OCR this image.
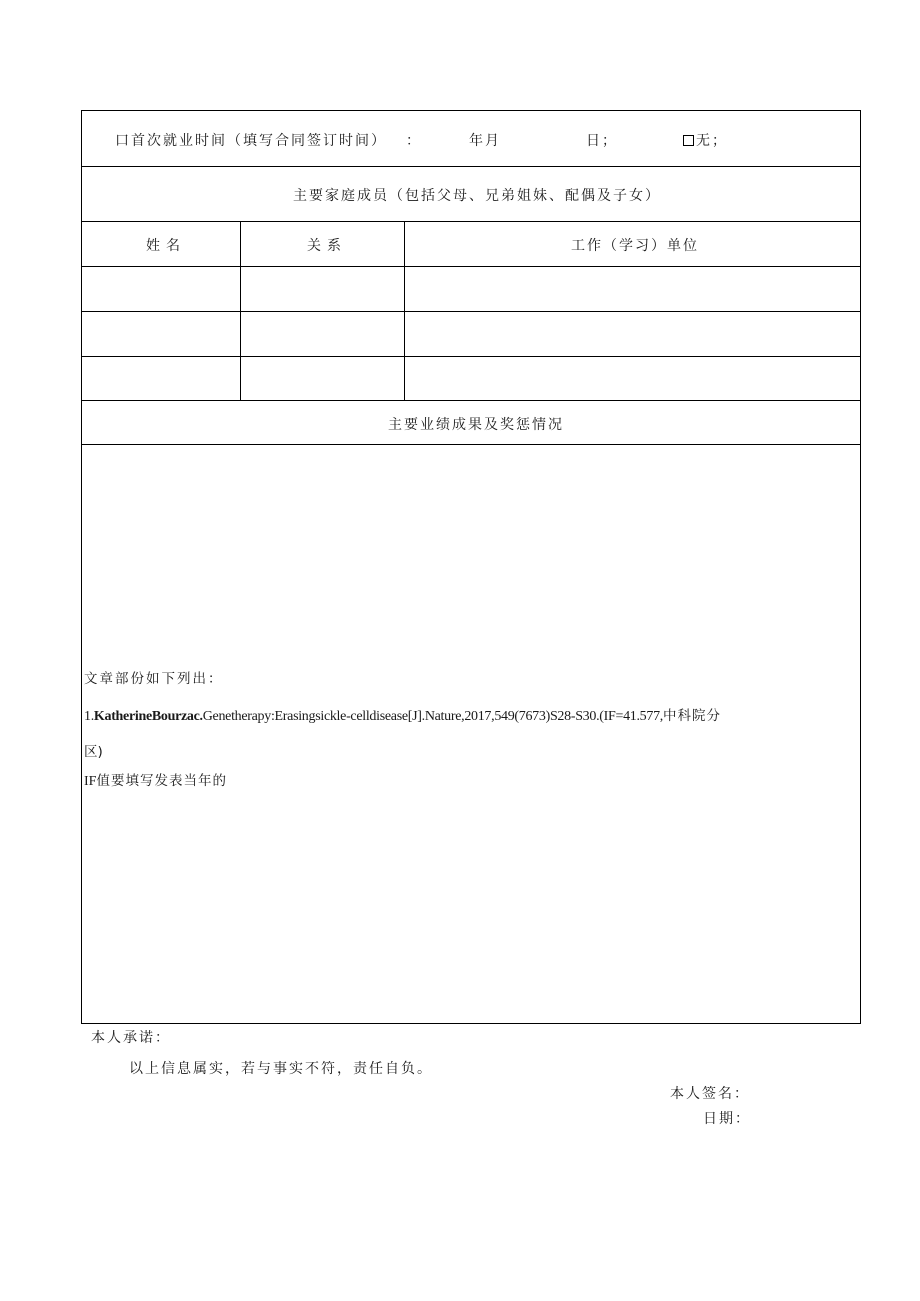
口首次就业时间（填写合同签订时间） ：	年月	日；	无；
主要家庭成员（包括父母、兄弟姐妹、配偶及子女）
姓名	关系	工作（学习）单位
主要业绩成果及奖惩情况
文章部份如下列出：
1.KatherineBourzac.Genetherapy:Erasingsickle-celldisease[J].Nature,2017,549(7673)S28-S30.(IF=41.577,中科院分
区)
IF值要填写发表当年的
本人承诺：
以上信息属实，若与事实不符，责任自负。
本人签名：
日期：
